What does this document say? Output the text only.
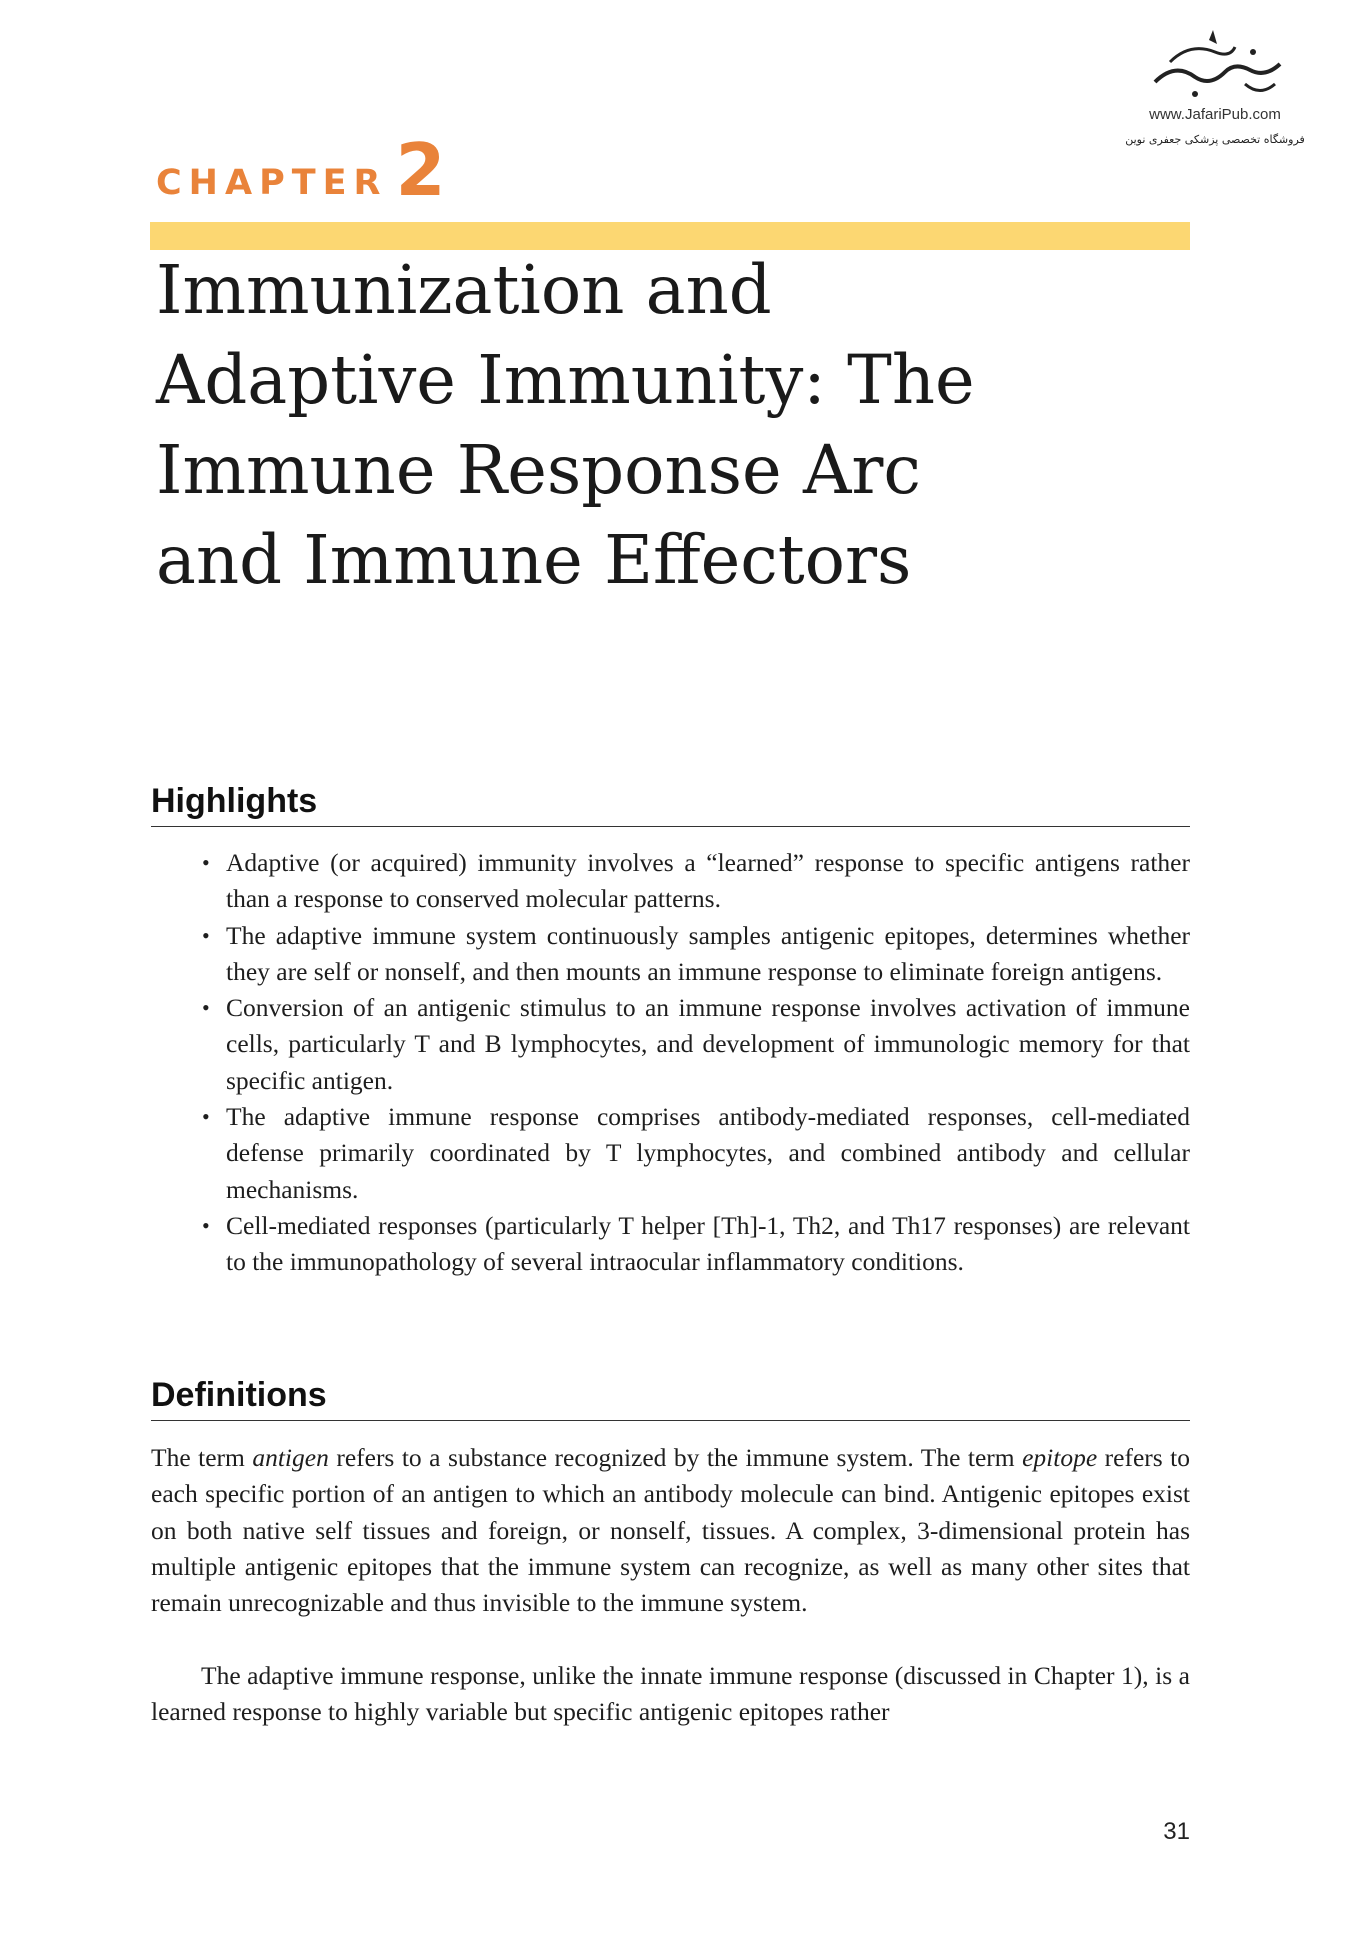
www.JafariPub.com
فروشگاه تخصصی پزشکی جعفری نوین
CHAPTER 2
Immunization and Adaptive Immunity: The Immune Response Arc and Immune Effectors
Highlights
• Adaptive (or acquired) immunity involves a “learned” response to specific antigens rather than a response to conserved molecular patterns.
• The adaptive immune system continuously samples antigenic epitopes, determines whether they are self or nonself, and then mounts an immune response to eliminate foreign antigens.
• Conversion of an antigenic stimulus to an immune response involves activation of immune cells, particularly T and B lymphocytes, and development of immunologic memory for that specific antigen.
• The adaptive immune response comprises antibody-mediated responses, cell-mediated defense primarily coordinated by T lymphocytes, and combined antibody and cellular mechanisms.
• Cell-mediated responses (particularly T helper [Th]-1, Th2, and Th17 responses) are relevant to the immunopathology of several intraocular inflammatory conditions.
Definitions

The term antigen refers to a substance recognized by the immune system. The term epitope refers to each specific portion of an antigen to which an antibody molecule can bind. Antigenic epitopes exist on both native self tissues and foreign, or nonself, tissues. A complex, 3-dimensional protein has multiple antigenic epitopes that the immune system can recognize, as well as many other sites that remain unrecognizable and thus invisible to the immune system.

The adaptive immune response, unlike the innate immune response (discussed in Chapter 1), is a learned response to highly variable but specific antigenic epitopes rather

31
